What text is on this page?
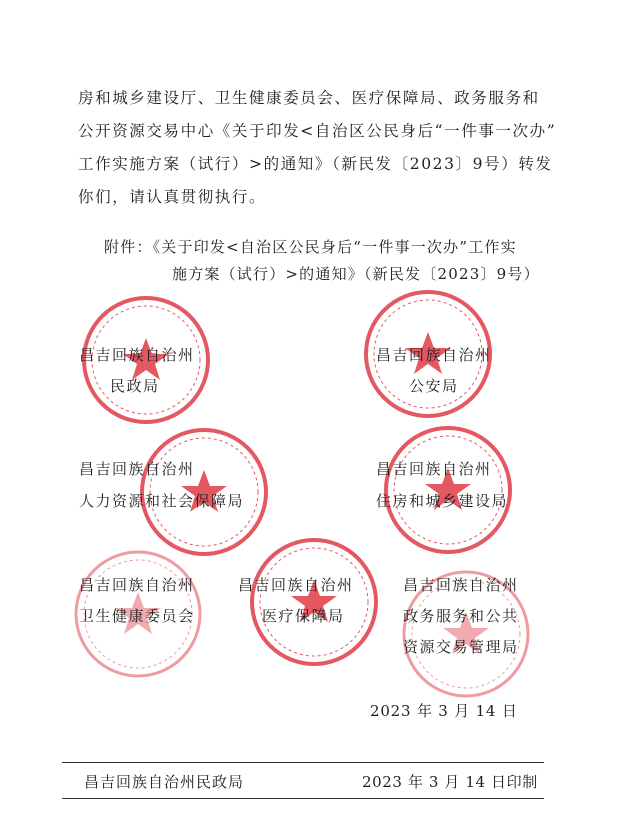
房和城乡建设厅、卫生健康委员会、医疗保障局、政务服务和
公开资源交易中心《关于印发<自治区公民身后“一件事一次办”
工作实施方案（试行）>的通知》（新民发〔2023〕9号）转发
你们，请认真贯彻执行。
附件：《关于印发<自治区公民身后“一件事一次办”工作实
施方案（试行）>的通知》（新民发〔2023〕9号）
昌吉回族自治州
民政局
昌吉回族自治州
公安局
昌吉回族自治州
人力资源和社会保障局
昌吉回族自治州
住房和城乡建设局
昌吉回族自治州
卫生健康委员会
昌吉回族自治州
医疗保障局
昌吉回族自治州
政务服务和公共
资源交易管理局
2023 年 3 月 14 日
昌吉回族自治州民政局	2023 年 3 月 14 日印制
